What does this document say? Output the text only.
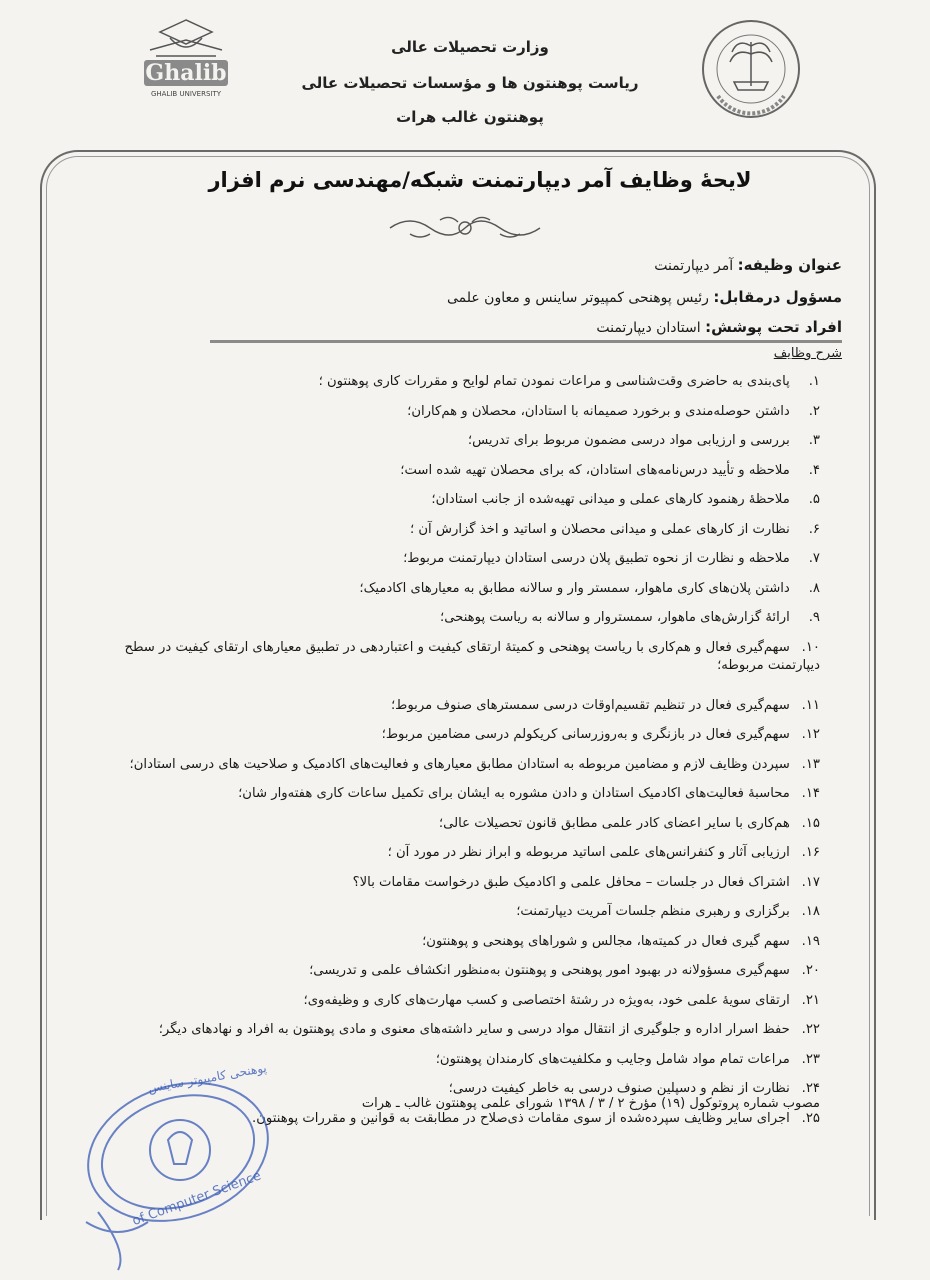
Ghalib
GHALIB UNIVERSITY
وزارت تحصیلات عالی
ریاست پوهنتون ها و مؤسسات تحصیلات عالی
پوهنتون غالب هرات
لایحهٔ وظایف آمر دیپارتمنت شبکه/مهندسی نرم افزار
عنوان وظیفه: آمر دیپارتمنت
مسؤول درمقابل: رئیس پوهنحی کمپیوتر ساینس و معاون علمی
افراد تحت پوشش: استادان دیپارتمنت
شرح وظایف
۱. پای‌بندی به حاضری وقت‌شناسی و مراعات نمودن تمام لوایح و مقررات کاری پوهنتون ؛
۲. داشتن حوصله‌مندی و برخورد صمیمانه با استادان، محصلان و هم‌کاران؛
۳. بررسی و ارزیابی مواد درسی مضمون مربوط برای تدریس؛
۴. ملاحظه و تأیید درس‌نامه‌های استادان، که برای محصلان تهیه شده است؛
۵. ملاحظهٔ رهنمود کارهای عملی و میدانی تهیه‌شده از جانب استادان؛
۶. نظارت از کارهای عملی و میدانی محصلان و اساتید و اخذ گزارش آن ؛
۷. ملاحظه و نظارت از نحوه تطبیق پلان درسی استادان دیپارتمنت مربوط؛
۸. داشتن پلان‌های کاری ماهوار، سمستر وار و سالانه مطابق به معیارهای اکادمیک؛
۹. ارائهٔ گزارش‌های ماهوار، سمستروار و سالانه به ریاست پوهنحی؛
۱۰. سهم‌گیری فعال و هم‌کاری با ریاست پوهنحی و کمیتهٔ ارتقای کیفیت و اعتباردهی در تطبیق معیارهای ارتقای کیفیت در سطح دیپارتمنت مربوطه؛
۱۱. سهم‌گیری فعال در تنظیم تقسیم‌اوقات درسی سمسترهای صنوف مربوط؛
۱۲. سهم‌گیری فعال در بازنگری و به‌روزرسانی کریکولم درسی مضامین مربوط؛
۱۳. سپردن وظایف لازم و مضامین مربوطه به استادان مطابق معیارهای و فعالیت‌های اکادمیک و صلاحیت های درسی استادان؛
۱۴. محاسبهٔ فعالیت‌های اکادمیک استادان و دادن مشوره به ایشان برای تکمیل ساعات کاری هفته‌وار شان؛
۱۵. هم‌کاری با سایر اعضای کادر علمی مطابق قانون تحصیلات عالی؛
۱۶. ارزیابی آثار و کنفرانس‌های علمی اساتید مربوطه و ابراز نظر در مورد آن ؛
۱۷. اشتراک فعال در جلسات – محافل علمی و اکادمیک طبق درخواست مقامات بالا؟
۱۸. برگزاری و رهبری منظم جلسات آمریت دیپارتمنت؛
۱۹. سهم گیری فعال در کمیته‌ها، مجالس و شوراهای پوهنحی و پوهنتون؛
۲۰. سهم‌گیری مسؤولانه در بهبود امور پوهنحی و پوهنتون به‌منظور انکشاف علمی و تدریسی؛
۲۱. ارتقای سویهٔ علمی خود، به‌ویژه در رشتهٔ اختصاصی و کسب مهارت‌های کاری و وظیفه‌وی؛
۲۲. حفظ اسرار اداره و جلوگیری از انتقال مواد درسی و سایر داشته‌های معنوی و مادی پوهنتون به افراد و نهادهای دیگر؛
۲۳. مراعات تمام مواد شامل وجایب و مکلفیت‌های کارمندان پوهنتون؛
۲۴. نظارت از نظم و دسپلین صنوف درسی به خاطر کیفیت درسی؛
۲۵. اجرای سایر وظایف سپرده‌شده از سوی مقامات ذی‌صلاح در مطابقت به قوانین و مقررات پوهنتون.
مصوب شماره پروتوکول (۱۹) مؤرخ ۲ / ۳ / ۱۳۹۸ شورای علمی پوهنتون غالب ـ هرات
پوهنحی کامپیوتر ساینس
of Computer Science
